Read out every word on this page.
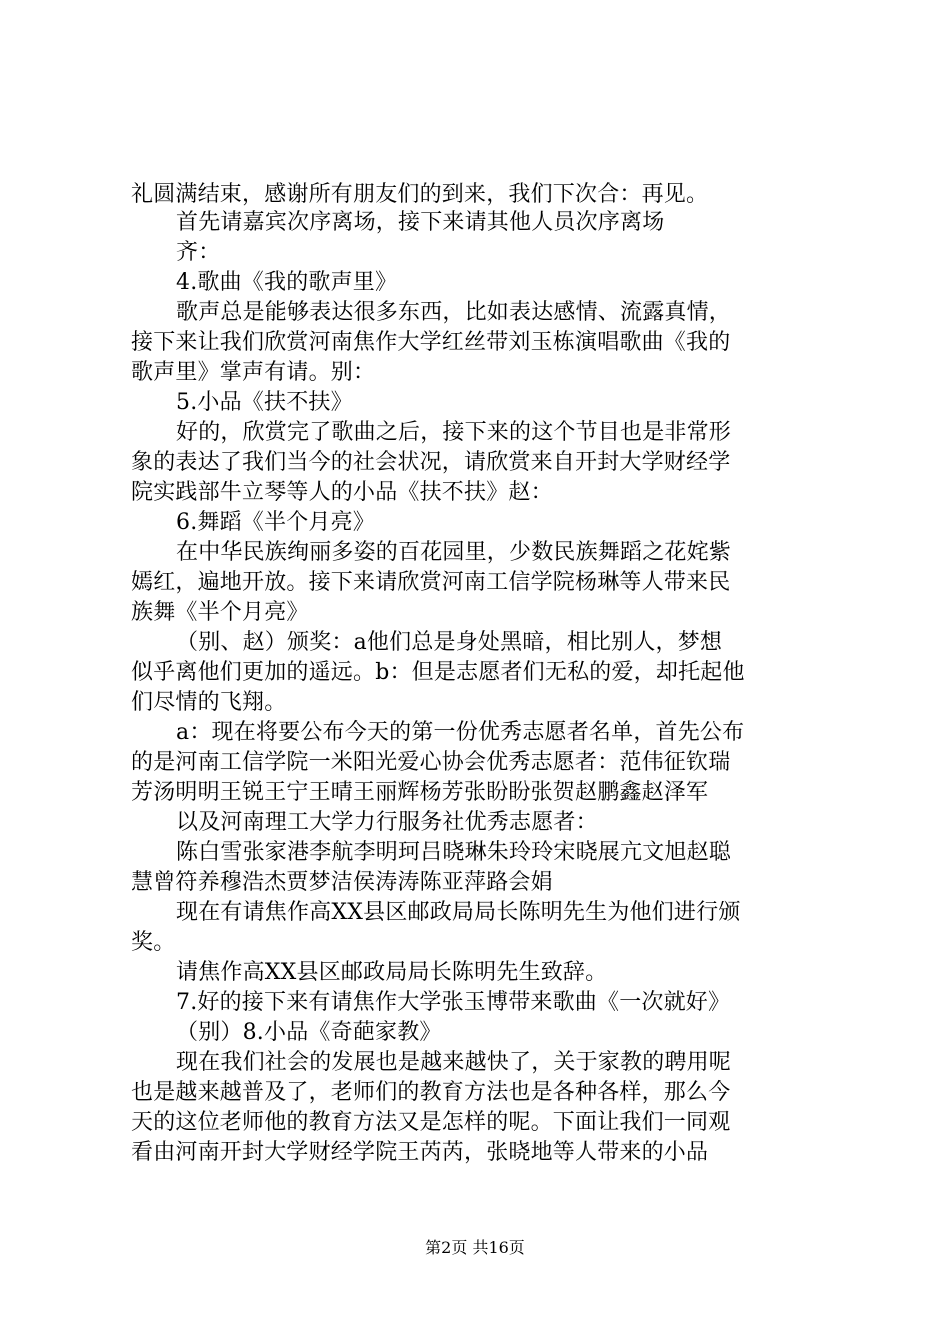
礼圆满结束，感谢所有朋友们的到来，我们下次合：再见。
首先请嘉宾次序离场，接下来请其他人员次序离场
齐：
4.歌曲《我的歌声里》
歌声总是能够表达很多东西，比如表达感情、流露真情，
接下来让我们欣赏河南焦作大学红丝带刘玉栋演唱歌曲《我的
歌声里》掌声有请。别：
5.小品《扶不扶》
好的，欣赏完了歌曲之后，接下来的这个节目也是非常形
象的表达了我们当今的社会状况，请欣赏来自开封大学财经学
院实践部牛立琴等人的小品《扶不扶》赵：
6.舞蹈《半个月亮》
在中华民族绚丽多姿的百花园里，少数民族舞蹈之花姹紫
嫣红，遍地开放。接下来请欣赏河南工信学院杨琳等人带来民
族舞《半个月亮》
（别、赵）颁奖：a他们总是身处黑暗，相比别人，梦想
似乎离他们更加的遥远。b：但是志愿者们无私的爱，却托起他
们尽情的飞翔。
a：现在将要公布今天的第一份优秀志愿者名单，首先公布
的是河南工信学院一米阳光爱心协会优秀志愿者：范伟征钦瑞
芳汤明明王锐王宁王晴王丽辉杨芳张盼盼张贺赵鹏鑫赵泽军
以及河南理工大学力行服务社优秀志愿者：
陈白雪张家港李航李明珂吕晓琳朱玲玲宋晓展亢文旭赵聪
慧曾符养穆浩杰贾梦洁侯涛涛陈亚萍路会娟
现在有请焦作高XX县区邮政局局长陈明先生为他们进行颁
奖。
请焦作高XX县区邮政局局长陈明先生致辞。
7.好的接下来有请焦作大学张玉博带来歌曲《一次就好》
（别）8.小品《奇葩家教》
现在我们社会的发展也是越来越快了，关于家教的聘用呢
也是越来越普及了，老师们的教育方法也是各种各样，那么今
天的这位老师他的教育方法又是怎样的呢。下面让我们一同观
看由河南开封大学财经学院王芮芮，张晓地等人带来的小品
第2页 共16页
